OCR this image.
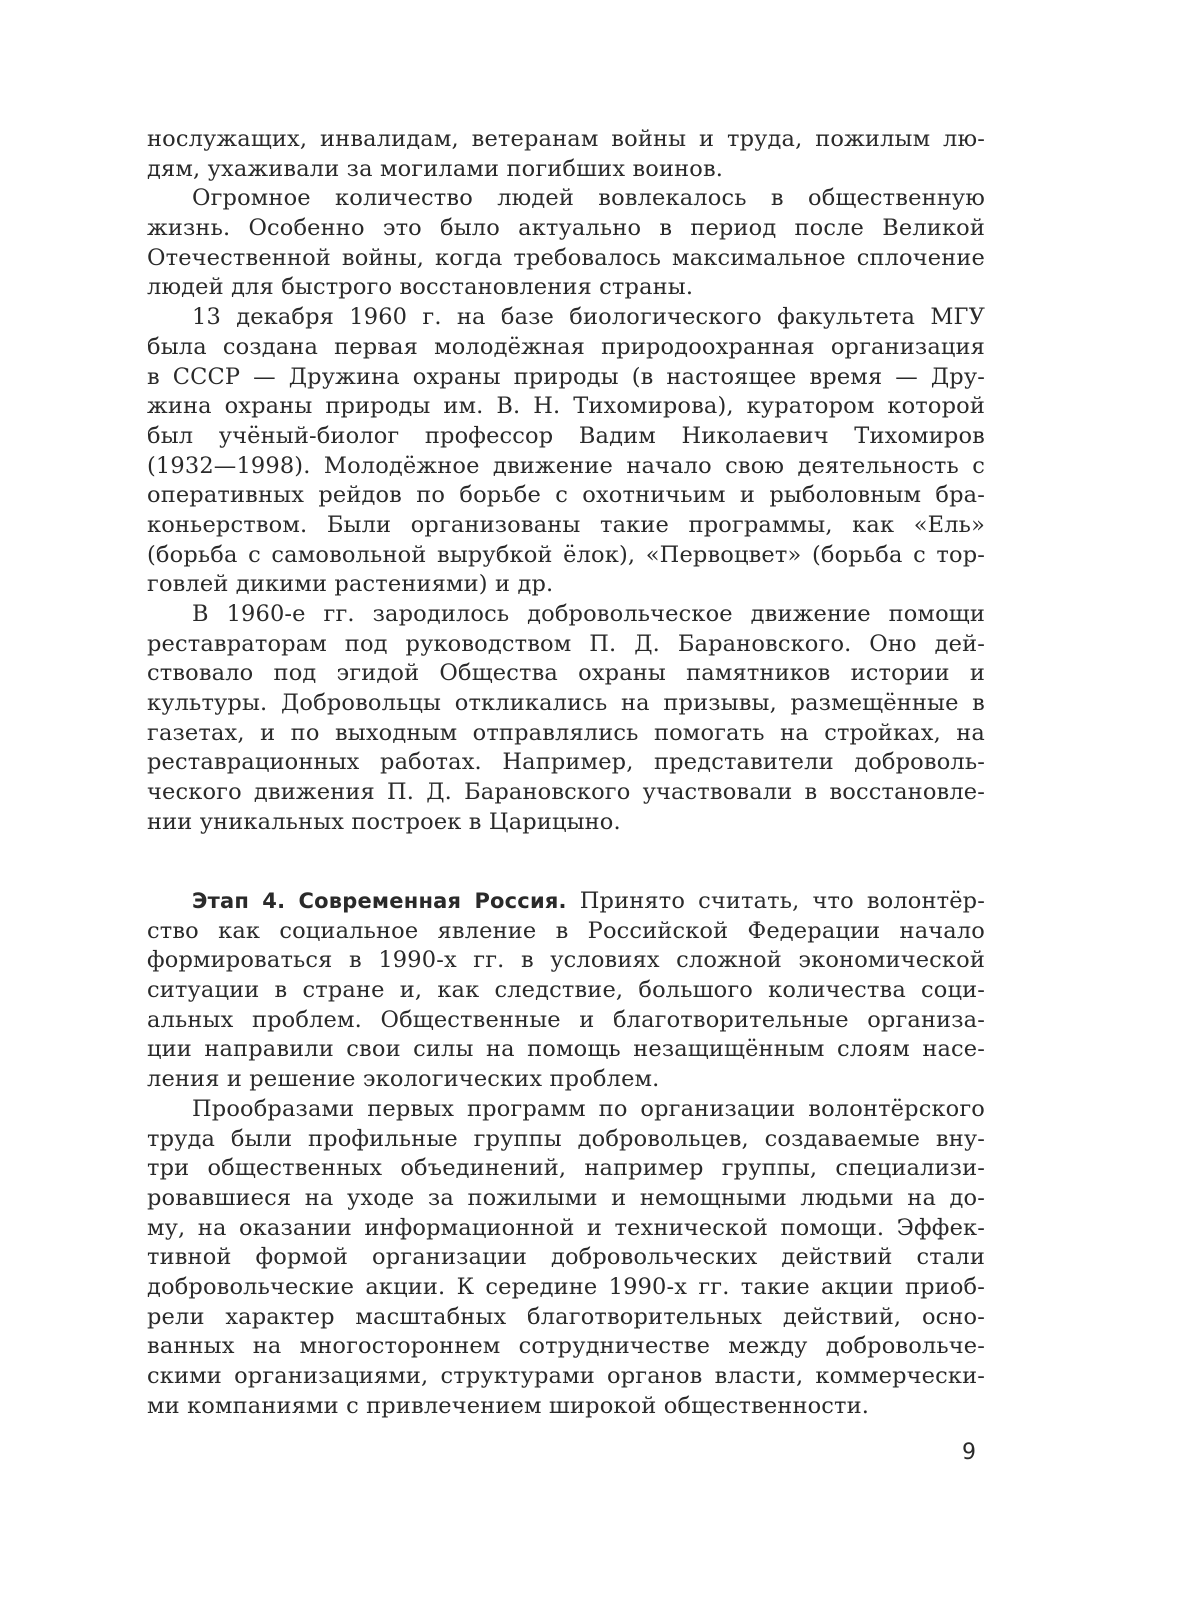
нослужащих, инвалидам, ветеранам войны и труда, пожилым лю-
дям, ухаживали за могилами погибших воинов.
Огромное количество людей вовлекалось в общественную
жизнь. Особенно это было актуально в период после Великой
Отечественной войны, когда требовалось максимальное сплочение
людей для быстрого восстановления страны.
13 декабря 1960 г. на базе биологического факультета МГУ
была создана первая молодёжная природоохранная организация
в СССР — Дружина охраны природы (в настоящее время — Дру-
жина охраны природы им. В. Н. Тихомирова), куратором которой
был учёный-биолог профессор Вадим Николаевич Тихомиров
(1932—1998). Молодёжное движение начало свою деятельность с
оперативных рейдов по борьбе с охотничьим и рыболовным бра-
коньерством. Были организованы такие программы, как «Ель»
(борьба с самовольной вырубкой ёлок), «Первоцвет» (борьба с тор-
говлей дикими растениями) и др.
В 1960-е гг. зародилось добровольческое движение помощи
реставраторам под руководством П. Д. Барановского. Оно дей-
ствовало под эгидой Общества охраны памятников истории и
культуры. Добровольцы откликались на призывы, размещённые в
газетах, и по выходным отправлялись помогать на стройках, на
реставрационных работах. Например, представители доброволь-
ческого движения П. Д. Барановского участвовали в восстановле-
нии уникальных построек в Царицыно.
Этап 4. Современная Россия. Принято считать, что волонтёр-
ство как социальное явление в Российской Федерации начало
формироваться в 1990-х гг. в условиях сложной экономической
ситуации в стране и, как следствие, большого количества соци-
альных проблем. Общественные и благотворительные организа-
ции направили свои силы на помощь незащищённым слоям насе-
ления и решение экологических проблем.
Прообразами первых программ по организации волонтёрского
труда были профильные группы добровольцев, создаваемые вну-
три общественных объединений, например группы, специализи-
ровавшиеся на уходе за пожилыми и немощными людьми на до-
му, на оказании информационной и технической помощи. Эффек-
тивной формой организации добровольческих действий стали
добровольческие акции. К середине 1990-х гг. такие акции приоб-
рели характер масштабных благотворительных действий, осно-
ванных на многостороннем сотрудничестве между добровольче-
скими организациями, структурами органов власти, коммерчески-
ми компаниями с привлечением широкой общественности.
9
